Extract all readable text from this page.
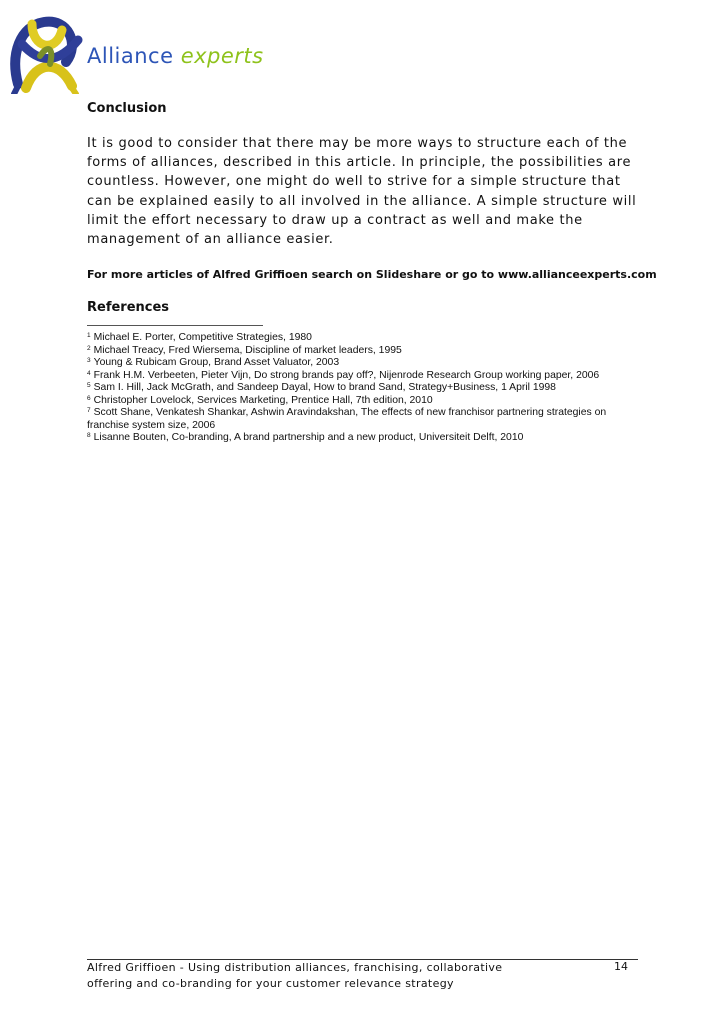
Alliance experts
Conclusion

It is good to consider that there may be more ways to structure each of the forms of alliances, described in this article. In principle, the possibilities are countless. However, one might do well to strive for a simple structure that can be explained easily to all involved in the alliance. A simple structure will limit the effort necessary to draw up a contract as well and make the management of an alliance easier.

For more articles of Alfred Griffioen search on Slideshare or go to www.allianceexperts.com
References
$^1$ Michael E. Porter, Competitive Strategies, 1980
$^2$ Michael Treacy, Fred Wiersema, Discipline of market leaders, 1995
$^3$ Young & Rubicam Group, Brand Asset Valuator, 2003
$^4$ Frank H.M. Verbeeten, Pieter Vijn, Do strong brands pay off?, Nijenrode Research Group working paper, 2006
$^5$ Sam I. Hill, Jack McGrath, and Sandeep Dayal, How to brand Sand, Strategy+Business, 1 April 1998
$^6$ Christopher Lovelock, Services Marketing, Prentice Hall, 7th edition, 2010
$^7$ Scott Shane, Venkatesh Shankar, Ashwin Aravindakshan, The effects of new franchisor partnering strategies on franchise system size, 2006
$^8$ Lisanne Bouten, Co-branding, A brand partnership and a new product, Universiteit Delft, 2010
Alfred Griffioen - Using distribution alliances, franchising, collaborative offering and co-branding for your customer relevance strategy
14
